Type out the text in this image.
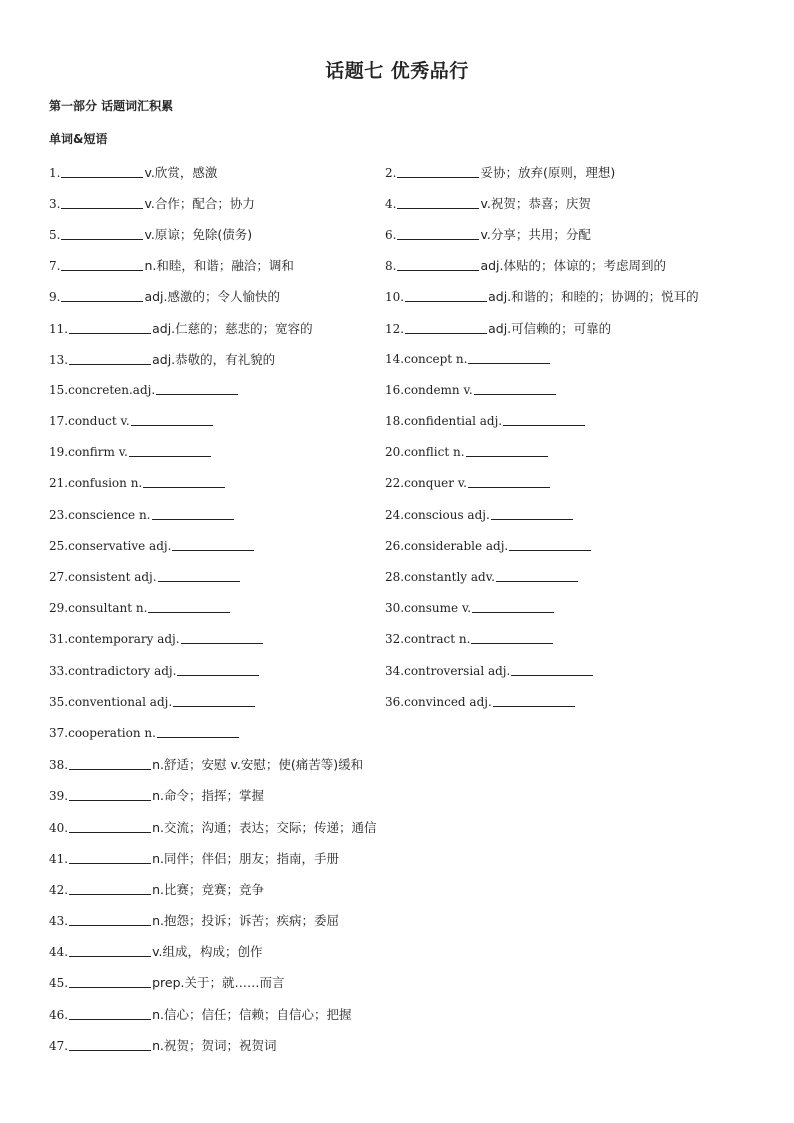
话题七 优秀品行
第一部分 话题词汇积累
单词&短语
1.	v.欣赏，感激	2.	妥协；放弃(原则，理想)
3.	v.合作；配合；协力	4.	v.祝贺；恭喜；庆贺
5.	v.原谅；免除(债务)	6.	v.分享；共用；分配
7.	n.和睦，和谐；融洽；调和	8.	adj.体贴的；体谅的；考虑周到的
9.	adj.感激的；令人愉快的	10.	adj.和谐的；和睦的；协调的；悦耳的
11.	adj.仁慈的；慈悲的；宽容的	12.	adj.可信赖的；可靠的
13.	adj.恭敬的，有礼貌的	14. concept n.
15. concreten.adj.	16. condemn v.
17. conduct v.	18. confidential adj.
19. confirm v.	20. conflict n.
21. confusion n.	22. conquer v.
23. conscience n.	24. conscious adj.
25. conservative adj.	26. considerable adj.
27. consistent adj.	28. constantly adv.
29. consultant n.	30. consume v.
31. contemporary adj.	32. contract n.
33. contradictory adj.	34. controversial adj.
35. conventional adj.	36. convinced adj.
37. cooperation n.
38.	n.舒适；安慰 v.安慰；使(痛苦等)缓和
39.	n.命令；指挥；掌握
40.	n.交流；沟通；表达；交际；传递；通信
41.	n.同伴；伴侣；朋友；指南，手册
42.	n.比赛；竞赛；竞争
43.	n.抱怨；投诉；诉苦；疾病；委屈
44.	v.组成，构成；创作
45.	prep.关于；就……而言
46.	n.信心；信任；信赖；自信心；把握
47.	n.祝贺；贺词；祝贺词
